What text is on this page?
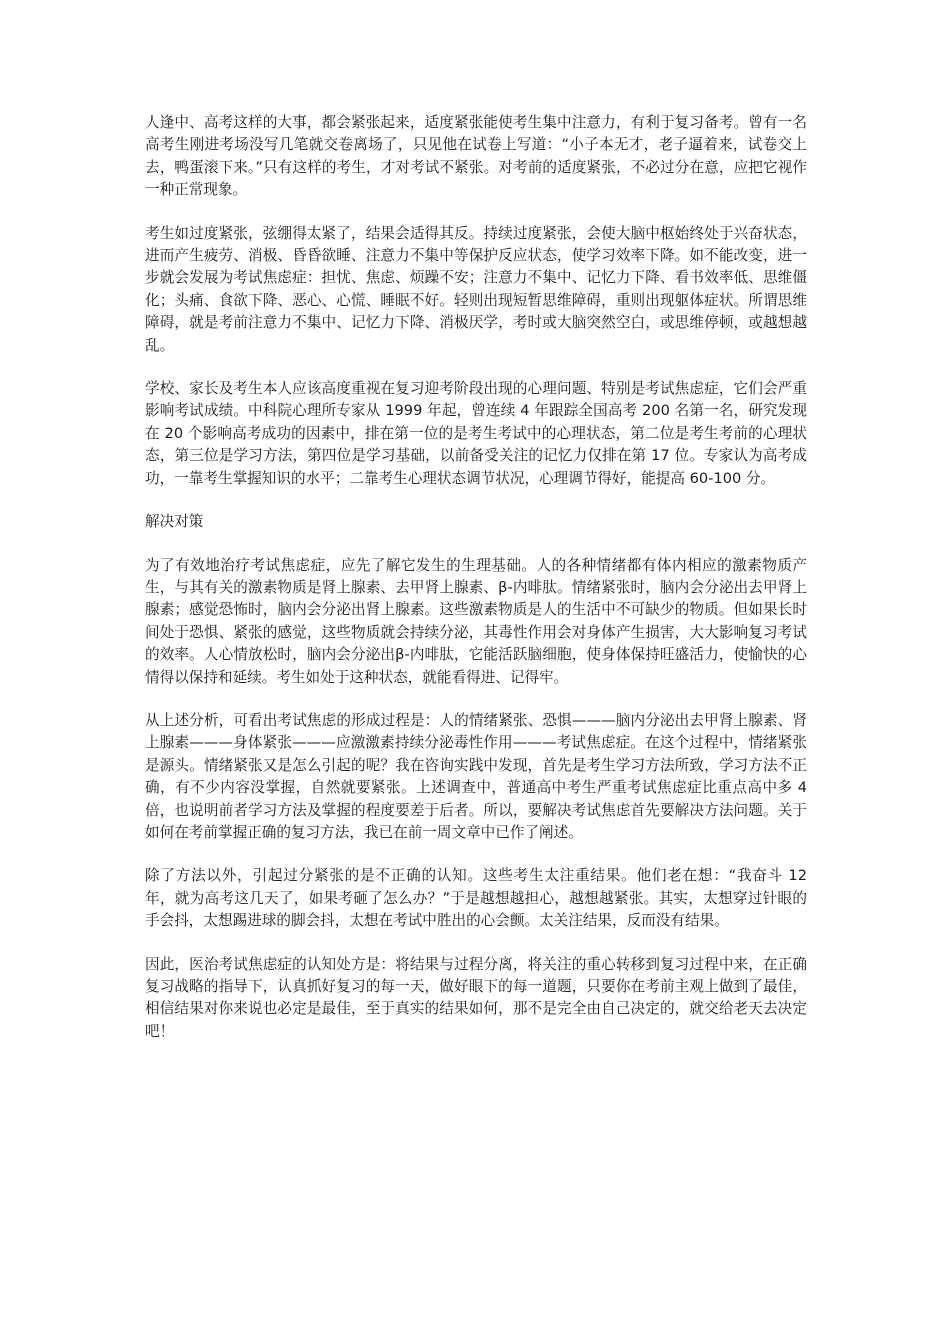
人逢中、高考这样的大事，都会紧张起来，适度紧张能使考生集中注意力，有利于复习备考。曾有一名高考生刚进考场没写几笔就交卷离场了，只见他在试卷上写道：“小子本无才，老子逼着来，试卷交上去，鸭蛋滚下来。”只有这样的考生，才对考试不紧张。对考前的适度紧张，不必过分在意，应把它视作一种正常现象。

考生如过度紧张，弦绷得太紧了，结果会适得其反。持续过度紧张，会使大脑中枢始终处于兴奋状态，进而产生疲劳、消极、昏昏欲睡、注意力不集中等保护反应状态，使学习效率下降。如不能改变，进一步就会发展为考试焦虑症：担忧、焦虑、烦躁不安；注意力不集中、记忆力下降、看书效率低、思维僵化；头痛、食欲下降、恶心、心慌、睡眠不好。轻则出现短暂思维障碍，重则出现躯体症状。所谓思维障碍，就是考前注意力不集中、记忆力下降、消极厌学，考时或大脑突然空白，或思维停顿，或越想越乱。

学校、家长及考生本人应该高度重视在复习迎考阶段出现的心理问题、特别是考试焦虑症，它们会严重影响考试成绩。中科院心理所专家从 1999 年起，曾连续 4 年跟踪全国高考 200 名第一名，研究发现在 20 个影响高考成功的因素中，排在第一位的是考生考试中的心理状态，第二位是考生考前的心理状态，第三位是学习方法，第四位是学习基础，以前备受关注的记忆力仅排在第 17 位。专家认为高考成功，一靠考生掌握知识的水平；二靠考生心理状态调节状况，心理调节得好，能提高 60-100 分。

解决对策

为了有效地治疗考试焦虑症，应先了解它发生的生理基础。人的各种情绪都有体内相应的激素物质产生，与其有关的激素物质是肾上腺素、去甲肾上腺素、β-内啡肽。情绪紧张时，脑内会分泌出去甲肾上腺素；感觉恐怖时，脑内会分泌出肾上腺素。这些激素物质是人的生活中不可缺少的物质。但如果长时间处于恐惧、紧张的感觉，这些物质就会持续分泌，其毒性作用会对身体产生损害，大大影响复习考试的效率。人心情放松时，脑内会分泌出β-内啡肽，它能活跃脑细胞，使身体保持旺盛活力，使愉快的心情得以保持和延续。考生如处于这种状态，就能看得进、记得牢。

从上述分析，可看出考试焦虑的形成过程是：人的情绪紧张、恐惧———脑内分泌出去甲肾上腺素、肾上腺素———身体紧张———应激激素持续分泌毒性作用———考试焦虑症。在这个过程中，情绪紧张是源头。情绪紧张又是怎么引起的呢？我在咨询实践中发现，首先是考生学习方法所致，学习方法不正确，有不少内容没掌握，自然就要紧张。上述调查中，普通高中考生严重考试焦虑症比重点高中多 4 倍，也说明前者学习方法及掌握的程度要差于后者。所以，要解决考试焦虑首先要解决方法问题。关于如何在考前掌握正确的复习方法，我已在前一周文章中已作了阐述。

除了方法以外，引起过分紧张的是不正确的认知。这些考生太注重结果。他们老在想：“我奋斗 12 年，就为高考这几天了，如果考砸了怎么办？”于是越想越担心，越想越紧张。其实，太想穿过针眼的手会抖，太想踢进球的脚会抖，太想在考试中胜出的心会颤。太关注结果，反而没有结果。

因此，医治考试焦虑症的认知处方是：将结果与过程分离，将关注的重心转移到复习过程中来，在正确复习战略的指导下，认真抓好复习的每一天，做好眼下的每一道题，只要你在考前主观上做到了最佳，相信结果对你来说也必定是最佳，至于真实的结果如何，那不是完全由自己决定的，就交给老天去决定吧！
